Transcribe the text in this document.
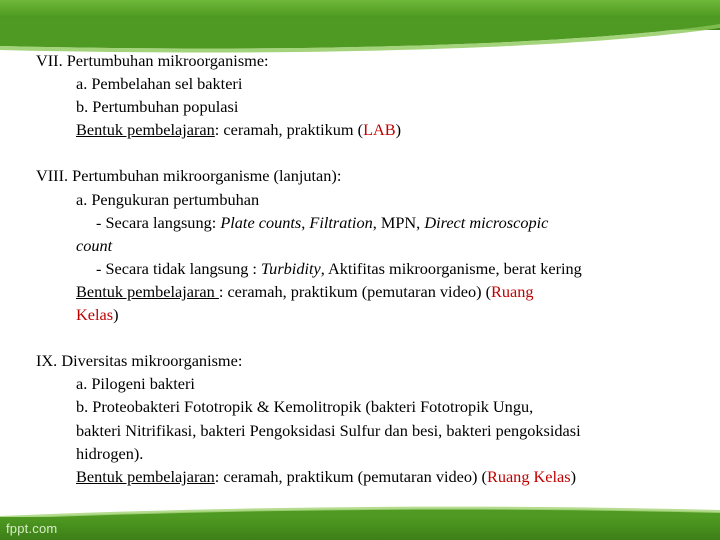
VII. Pertumbuhan mikroorganisme:
a. Pembelahan sel bakteri
b. Pertumbuhan populasi
Bentuk pembelajaran: ceramah, praktikum (LAB)
VIII. Pertumbuhan mikroorganisme (lanjutan):
a. Pengukuran pertumbuhan
- Secara langsung: Plate counts, Filtration, MPN, Direct microscopic
count
- Secara tidak langsung : Turbidity, Aktifitas mikroorganisme, berat kering
Bentuk pembelajaran : ceramah, praktikum (pemutaran video) (Ruang
Kelas)
IX. Diversitas mikroorganisme:
a. Pilogeni bakteri
b. Proteobakteri Fototropik & Kemolitropik (bakteri Fototropik Ungu,
bakteri Nitrifikasi, bakteri Pengoksidasi Sulfur dan besi, bakteri pengoksidasi
hidrogen).
Bentuk pembelajaran: ceramah, praktikum (pemutaran video) (Ruang Kelas)
fppt.com
